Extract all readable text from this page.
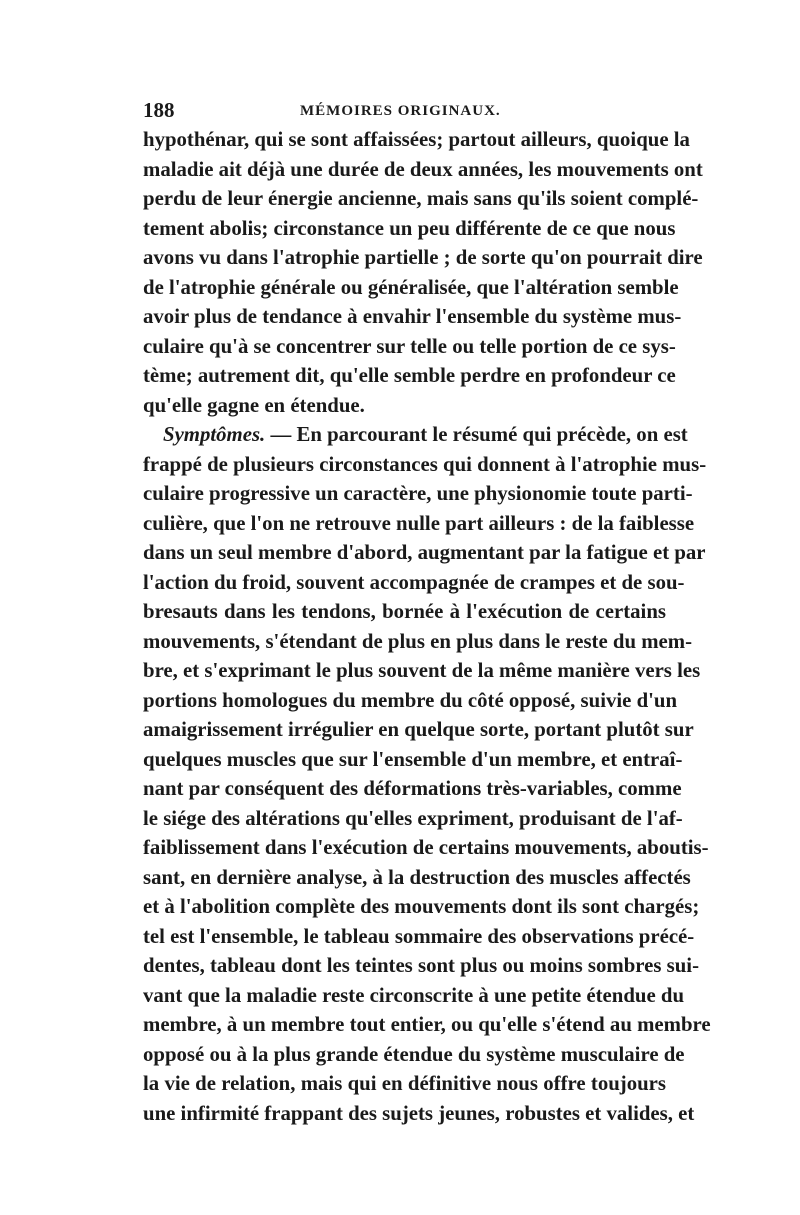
188	MÉMOIRES ORIGINAUX.
hypothénar, qui se sont affaissées; partout ailleurs, quoique la
maladie ait déjà une durée de deux années, les mouvements ont
perdu de leur énergie ancienne, mais sans qu'ils soient complé-
tement abolis; circonstance un peu différente de ce que nous
avons vu dans l'atrophie partielle ; de sorte qu'on pourrait dire
de l'atrophie générale ou généralisée, que l'altération semble
avoir plus de tendance à envahir l'ensemble du système mus-
culaire qu'à se concentrer sur telle ou telle portion de ce sys-
tème; autrement dit, qu'elle semble perdre en profondeur ce
qu'elle gagne en étendue.
Symptômes. — En parcourant le résumé qui précède, on est
frappé de plusieurs circonstances qui donnent à l'atrophie mus-
culaire progressive un caractère, une physionomie toute parti-
culière, que l'on ne retrouve nulle part ailleurs : de la faiblesse
dans un seul membre d'abord, augmentant par la fatigue et par
l'action du froid, souvent accompagnée de crampes et de sou-
bresauts dans les tendons, bornée à l'exécution de certains
mouvements, s'étendant de plus en plus dans le reste du mem-
bre, et s'exprimant le plus souvent de la même manière vers les
portions homologues du membre du côté opposé, suivie d'un
amaigrissement irrégulier en quelque sorte, portant plutôt sur
quelques muscles que sur l'ensemble d'un membre, et entraî-
nant par conséquent des déformations très-variables, comme
le siége des altérations qu'elles expriment, produisant de l'af-
faiblissement dans l'exécution de certains mouvements, aboutis-
sant, en dernière analyse, à la destruction des muscles affectés
et à l'abolition complète des mouvements dont ils sont chargés;
tel est l'ensemble, le tableau sommaire des observations précé-
dentes, tableau dont les teintes sont plus ou moins sombres sui-
vant que la maladie reste circonscrite à une petite étendue du
membre, à un membre tout entier, ou qu'elle s'étend au membre
opposé ou à la plus grande étendue du système musculaire de
la vie de relation, mais qui en définitive nous offre toujours
une infirmité frappant des sujets jeunes, robustes et valides, et
